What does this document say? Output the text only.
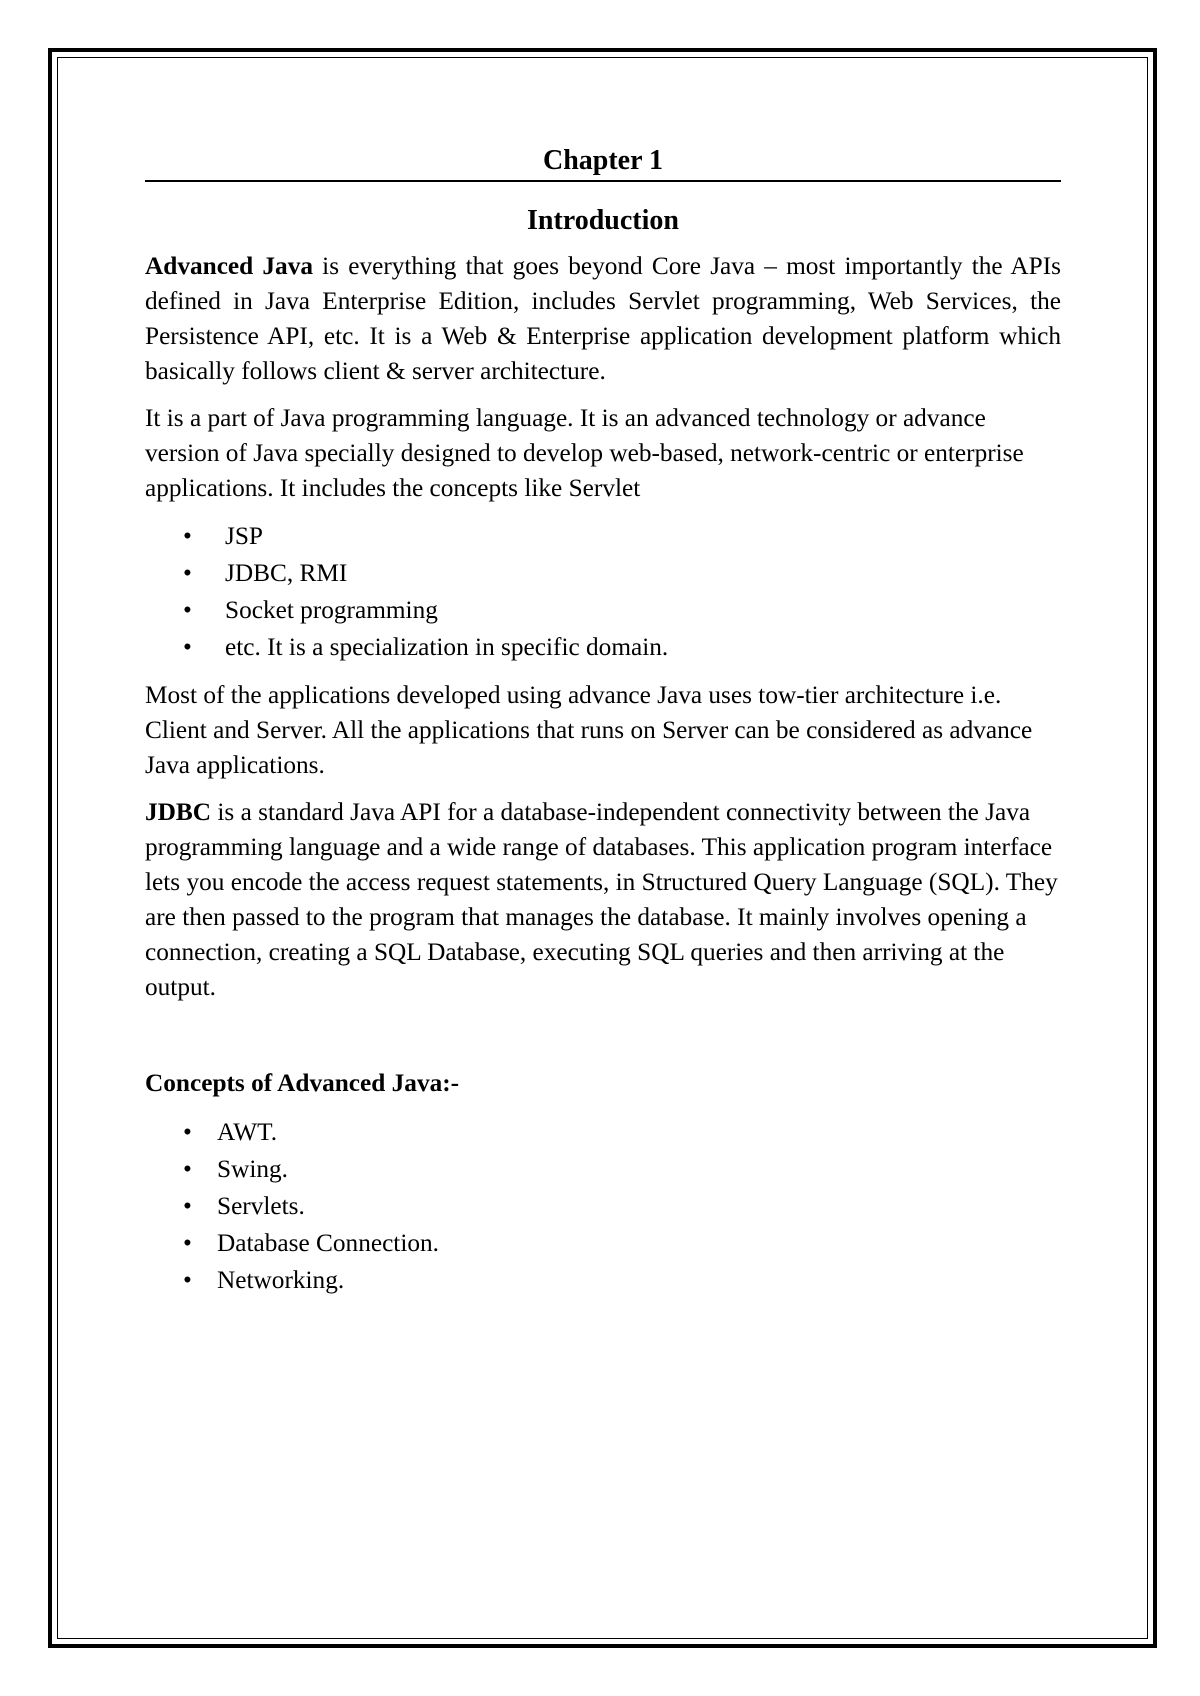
Chapter 1
Introduction

Advanced Java is everything that goes beyond Core Java – most importantly the APIs defined in Java Enterprise Edition, includes Servlet programming, Web Services, the Persistence API, etc. It is a Web & Enterprise application development platform which basically follows client & server architecture.

It is a part of Java programming language. It is an advanced technology or advance version of Java specially designed to develop web-based, network-centric or enterprise applications. It includes the concepts like Servlet

• JSP
• JDBC, RMI
• Socket programming
• etc. It is a specialization in specific domain.

Most of the applications developed using advance Java uses tow-tier architecture i.e. Client and Server. All the applications that runs on Server can be considered as advance Java applications.

JDBC is a standard Java API for a database-independent connectivity between the Java programming language and a wide range of databases. This application program interface lets you encode the access request statements, in Structured Query Language (SQL). They are then passed to the program that manages the database. It mainly involves opening a connection, creating a SQL Database, executing SQL queries and then arriving at the output.

Concepts of Advanced Java:-
• AWT.
• Swing.
• Servlets.
• Database Connection.
• Networking.
